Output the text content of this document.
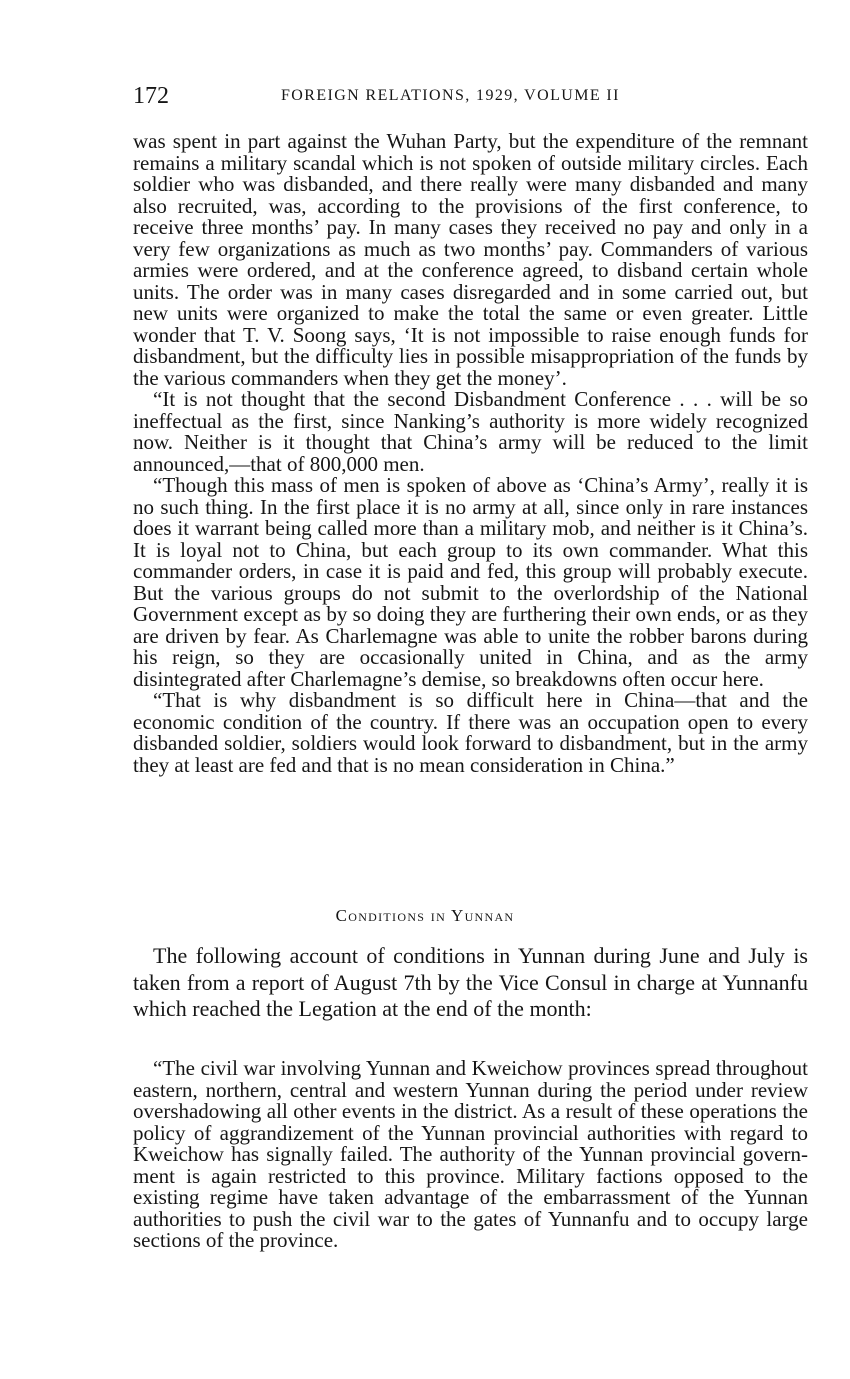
172	FOREIGN RELATIONS, 1929, VOLUME II

was spent in part against the Wuhan Party, but the expenditure of the remnant remains a military scandal which is not spoken of outside military circles. Each soldier who was disbanded, and there really were many disbanded and many also recruited, was, according to the provisions of the first conference, to receive three months’ pay. In many cases they received no pay and only in a very few organizations as much as two months’ pay. Commanders of various armies were ordered, and at the conference agreed, to disband certain whole units. The order was in many cases disregarded and in some carried out, but new units were organized to make the total the same or even greater. Little wonder that T. V. Soong says, ‘It is not impossible to raise enough funds for disbandment, but the difficulty lies in possible misappropriation of the funds by the various commanders when they get the money’.

“It is not thought that the second Disbandment Conference . . . will be so ineffectual as the first, since Nanking’s authority is more widely recognized now. Neither is it thought that China’s army will be reduced to the limit announced,—that of 800,000 men.

“Though this mass of men is spoken of above as ‘China’s Army’, really it is no such thing. In the first place it is no army at all, since only in rare instances does it warrant being called more than a military mob, and neither is it China’s. It is loyal not to China, but each group to its own commander. What this commander orders, in case it is paid and fed, this group will probably execute. But the various groups do not submit to the overlordship of the National Government except as by so doing they are furthering their own ends, or as they are driven by fear. As Charlemagne was able to unite the robber barons during his reign, so they are occasionally united in China, and as the army disintegrated after Charlemagne’s demise, so breakdowns often occur here.

“That is why disbandment is so difficult here in China—that and the economic condition of the country. If there was an occupation open to every disbanded soldier, soldiers would look forward to disbandment, but in the army they at least are fed and that is no mean consideration in China.”

Conditions in Yunnan

The following account of conditions in Yunnan during June and July is taken from a report of August 7th by the Vice Consul in charge at Yunnanfu which reached the Legation at the end of the month:

“The civil war involving Yunnan and Kweichow provinces spread throughout eastern, northern, central and western Yunnan during the period under review overshadowing all other events in the district. As a result of these operations the policy of aggrandizement of the Yunnan provincial authorities with regard to Kweichow has signally failed. The authority of the Yunnan provincial government is again restricted to this province. Military factions opposed to the existing regime have taken advantage of the embarrassment of the Yunnan authorities to push the civil war to the gates of Yunnanfu and to occupy large sections of the province.
